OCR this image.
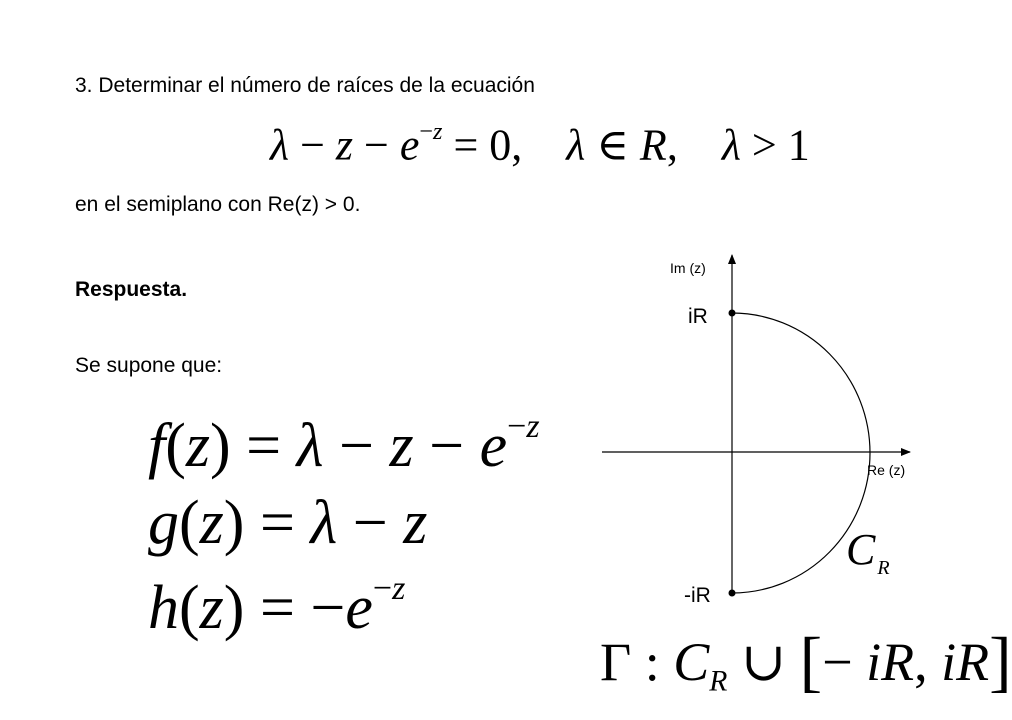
3. Determinar el número de raíces de la ecuación
$\lambda - z - e^{-z} = 0$, λ ∈ R, λ > 1
en el semiplano con Re(z) > 0.
Respuesta.
Se supone que:
$f(z) = \lambda - z - e^{-z}$
g(z) = λ − z
$h(z) = -e^{-z}$
Im (z)
Re (z)
iR
-iR
C R
Γ : $C_R$ ∪ [− iR, iR]
